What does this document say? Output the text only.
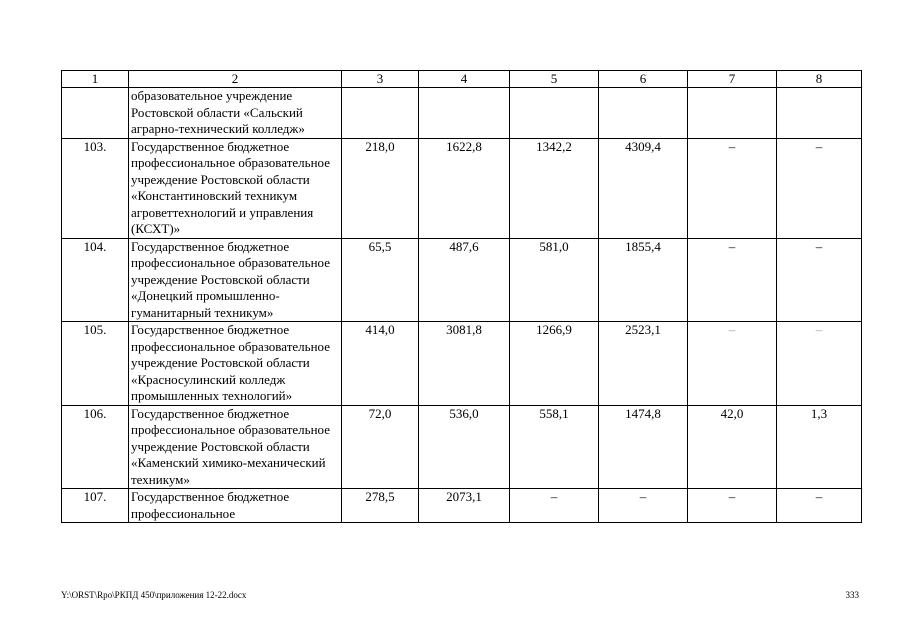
1	2	3	4	5	6	7	8
	образовательное учреждение Ростовской области «Сальский аграрно-технический колледж»						
103.	Государственное бюджетное профессиональное образовательное учреждение Ростовской области «Константиновский техникум агроветтехнологий и управления (КСХТ)»	218,0	1622,8	1342,2	4309,4	–	–
104.	Государственное бюджетное профессиональное образовательное учреждение Ростовской области «Донецкий промышленно-гуманитарный техникум»	65,5	487,6	581,0	1855,4	–	–
105.	Государственное бюджетное профессиональное образовательное учреждение Ростовской области «Красносулинский колледж промышленных технологий»	414,0	3081,8	1266,9	2523,1	–	–
106.	Государственное бюджетное профессиональное образовательное учреждение Ростовской области «Каменский химико-механический техникум»	72,0	536,0	558,1	1474,8	42,0	1,3
107.	Государственное бюджетное профессиональное	278,5	2073,1	–	–	–	–
Y:\ORST\Rpo\РКПД 450\приложения 12-22.docx	333
